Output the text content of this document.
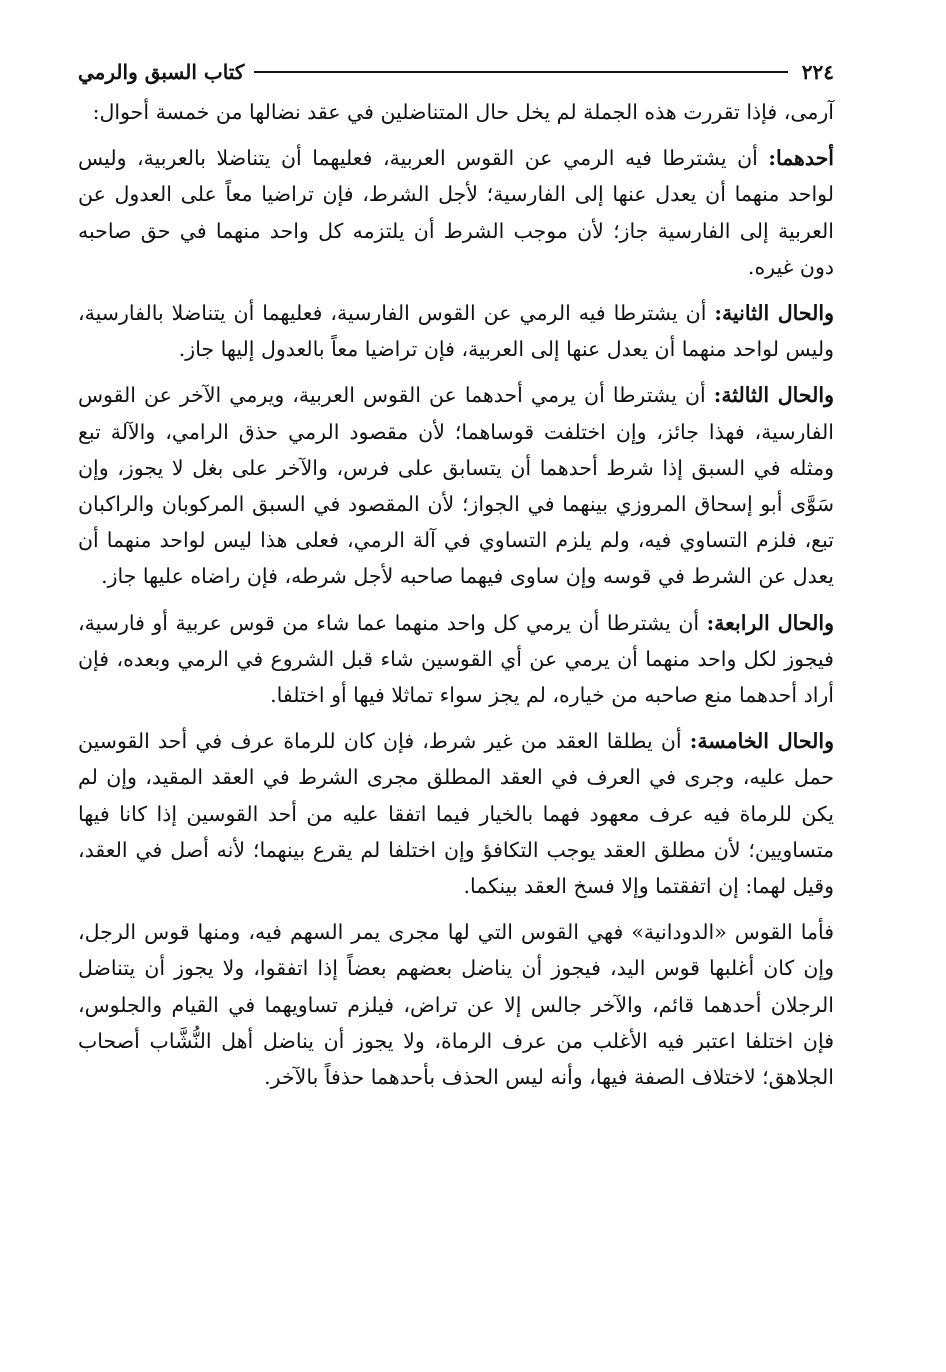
٢٢٤
كتاب السبق والرمي

آرمى، فإذا تقررت هذه الجملة لم يخل حال المتناضلين في عقد نضالها من خمسة أحوال:

أحدهما: أن يشترطا فيه الرمي عن القوس العربية، فعليهما أن يتناضلا بالعربية، وليس لواحد منهما أن يعدل عنها إلى الفارسية؛ لأجل الشرط، فإن تراضيا معاً على العدول عن العربية إلى الفارسية جاز؛ لأن موجب الشرط أن يلتزمه كل واحد منهما في حق صاحبه دون غيره.

والحال الثانية: أن يشترطا فيه الرمي عن القوس الفارسية، فعليهما أن يتناضلا بالفارسية، وليس لواحد منهما أن يعدل عنها إلى العربية، فإن تراضيا معاً بالعدول إليها جاز.

والحال الثالثة: أن يشترطا أن يرمي أحدهما عن القوس العربية، ويرمي الآخر عن القوس الفارسية، فهذا جائز، وإن اختلفت قوساهما؛ لأن مقصود الرمي حذق الرامي، والآلة تبع ومثله في السبق إذا شرط أحدهما أن يتسابق على فرس، والآخر على بغل لا يجوز، وإن سَوَّى أبو إسحاق المروزي بينهما في الجواز؛ لأن المقصود في السبق المركوبان والراكبان تبع، فلزم التساوي فيه، ولم يلزم التساوي في آلة الرمي، فعلى هذا ليس لواحد منهما أن يعدل عن الشرط في قوسه وإن ساوى فيهما صاحبه لأجل شرطه، فإن راضاه عليها جاز.

والحال الرابعة: أن يشترطا أن يرمي كل واحد منهما عما شاء من قوس عربية أو فارسية، فيجوز لكل واحد منهما أن يرمي عن أي القوسين شاء قبل الشروع في الرمي وبعده، فإن أراد أحدهما منع صاحبه من خياره، لم يجز سواء تماثلا فيها أو اختلفا.

والحال الخامسة: أن يطلقا العقد من غير شرط، فإن كان للرماة عرف في أحد القوسين حمل عليه، وجرى في العرف في العقد المطلق مجرى الشرط في العقد المقيد، وإن لم يكن للرماة فيه عرف معهود فهما بالخيار فيما اتفقا عليه من أحد القوسين إذا كانا فيها متساويين؛ لأن مطلق العقد يوجب التكافؤ وإن اختلفا لم يقرع بينهما؛ لأنه أصل في العقد، وقيل لهما: إن اتفقتما وإلا فسخ العقد بينكما.

فأما القوس «الدودانية» فهي القوس التي لها مجرى يمر السهم فيه، ومنها قوس الرجل، وإن كان أغلبها قوس اليد، فيجوز أن يناضل بعضهم بعضاً إذا اتفقوا، ولا يجوز أن يتناضل الرجلان أحدهما قائم، والآخر جالس إلا عن تراض، فيلزم تساويهما في القيام والجلوس، فإن اختلفا اعتبر فيه الأغلب من عرف الرماة، ولا يجوز أن يناضل أهل النُّشَّاب أصحاب الجلاهق؛ لاختلاف الصفة فيها، وأنه ليس الحذف بأحدهما حذفاً بالآخر.
